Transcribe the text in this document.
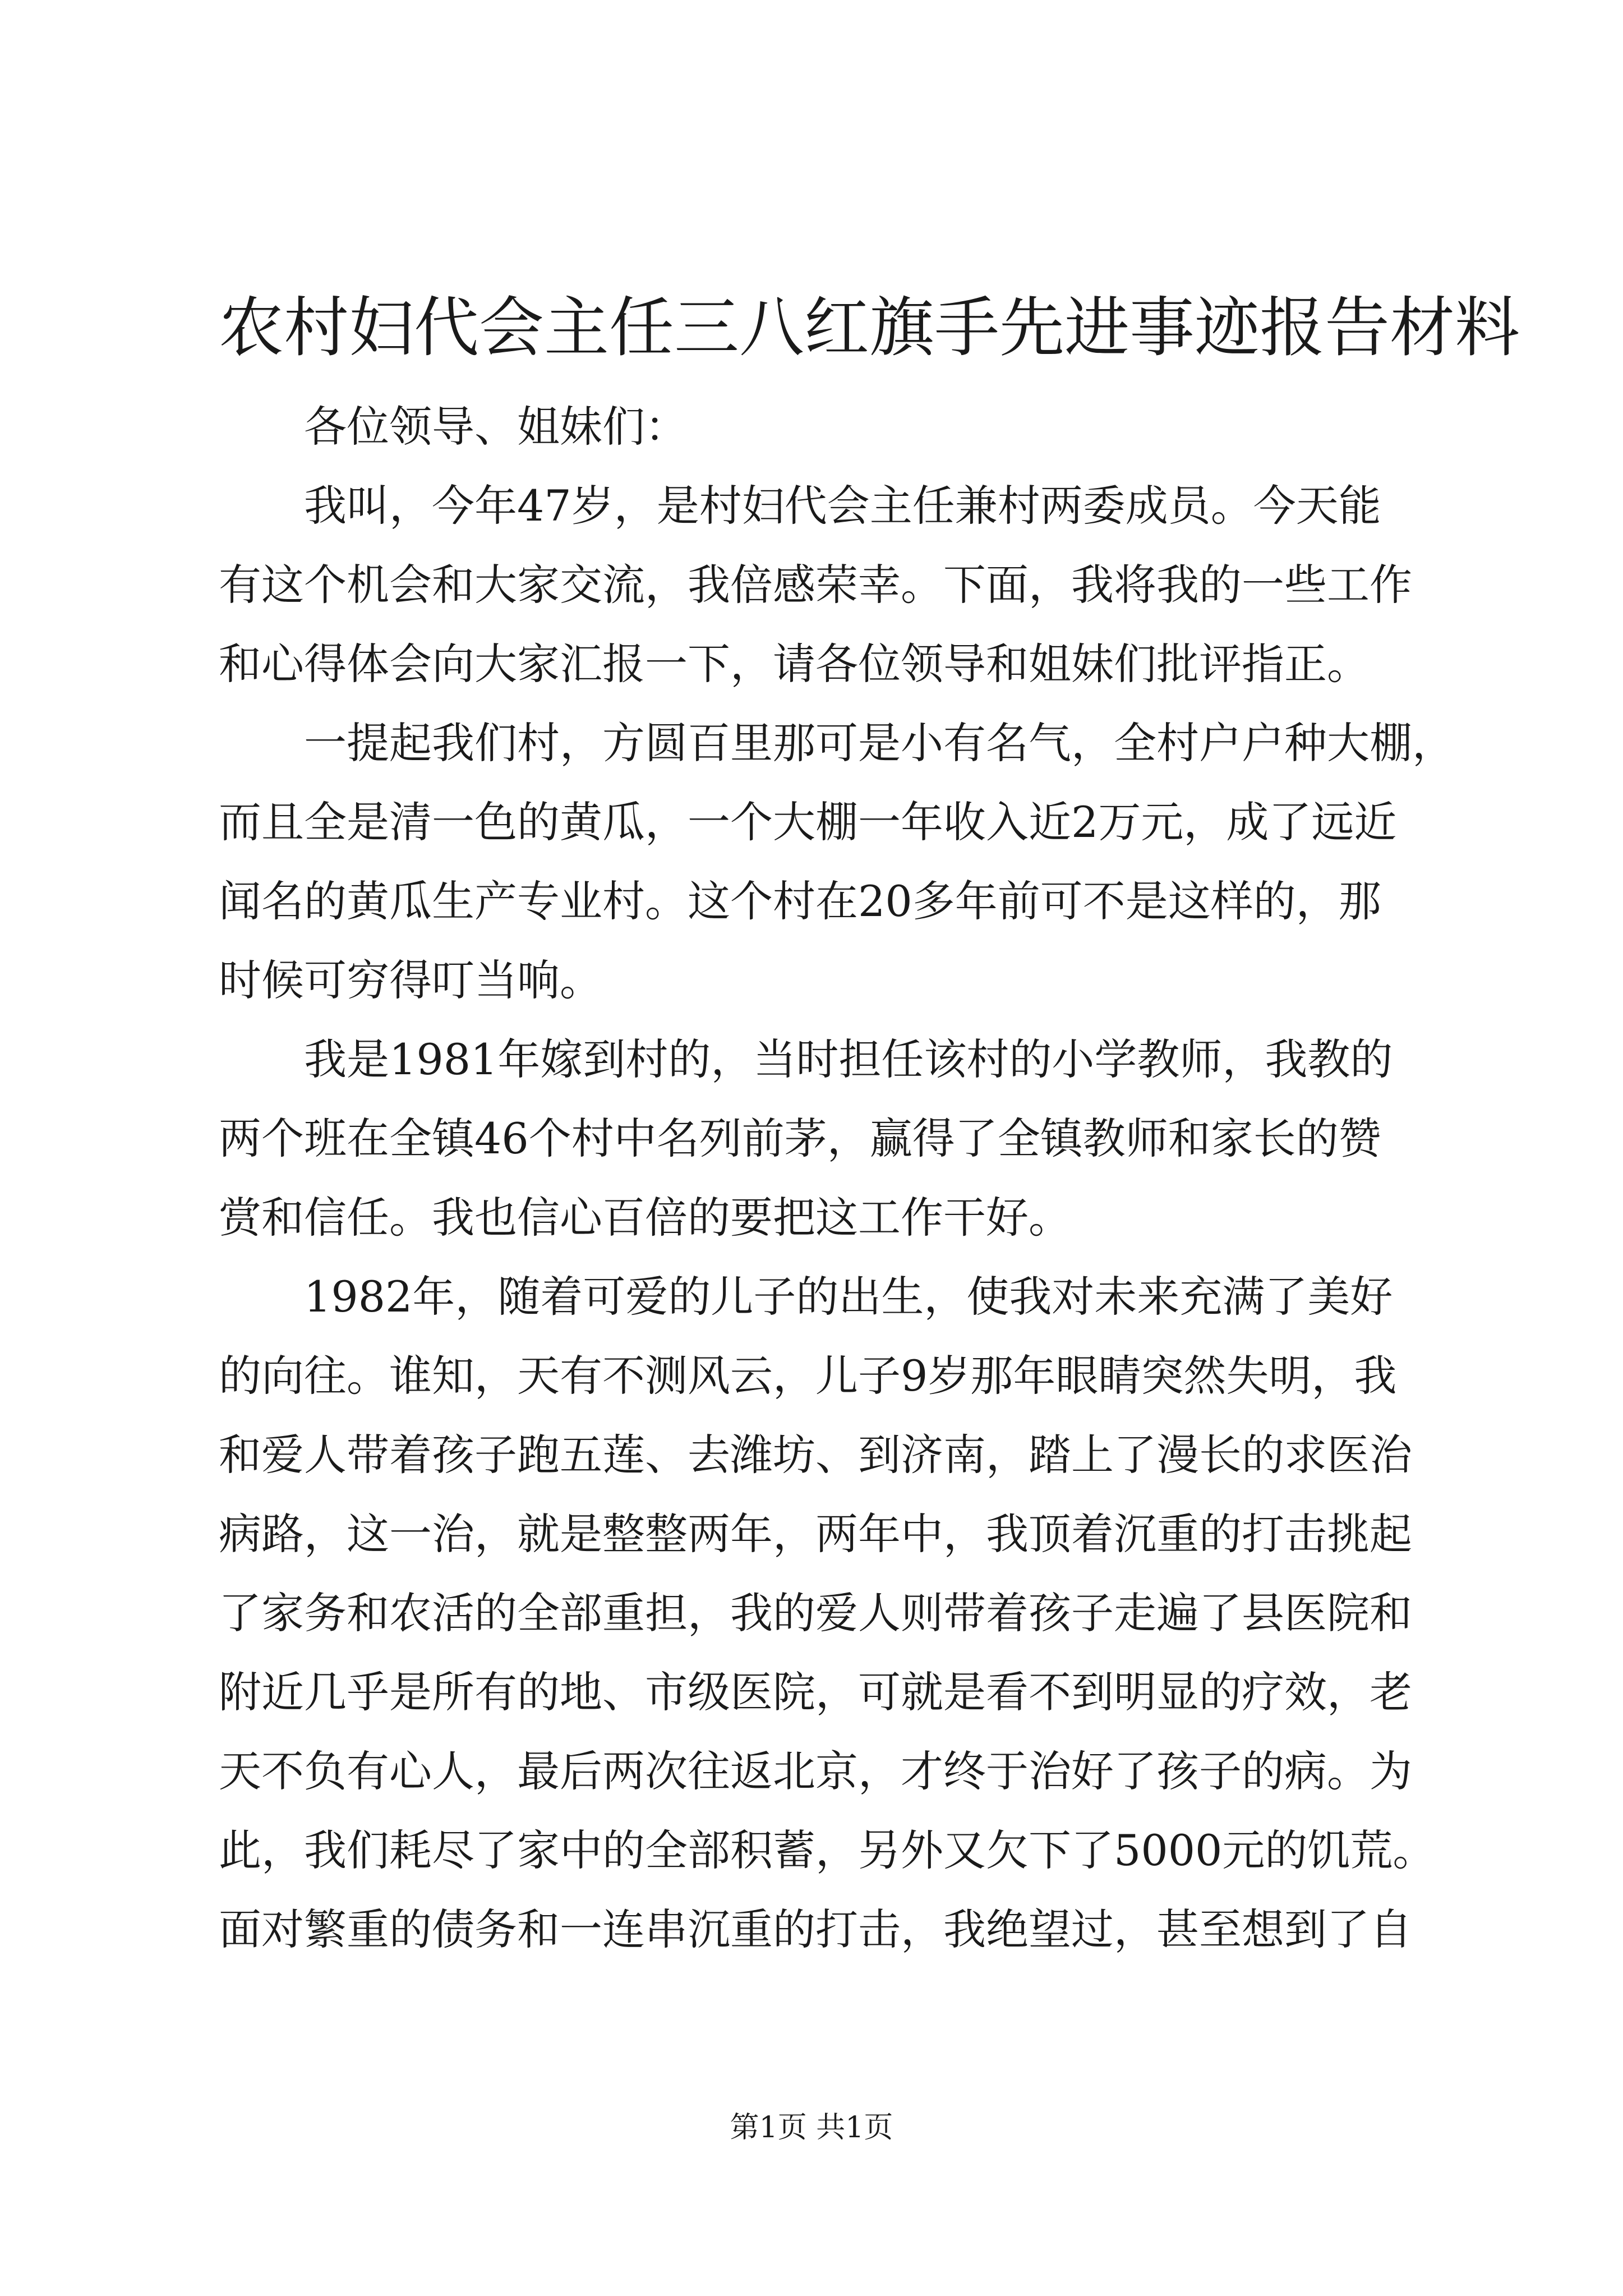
农村妇代会主任三八红旗手先进事迹报告材料
各位领导、姐妹们：
我叫，今年47岁，是村妇代会主任兼村两委成员。今天能
有这个机会和大家交流，我倍感荣幸。下面，我将我的一些工作
和心得体会向大家汇报一下，请各位领导和姐妹们批评指正。
一提起我们村，方圆百里那可是小有名气，全村户户种大棚，
而且全是清一色的黄瓜，一个大棚一年收入近2万元，成了远近
闻名的黄瓜生产专业村。这个村在20多年前可不是这样的，那
时候可穷得叮当响。
我是1981年嫁到村的，当时担任该村的小学教师，我教的
两个班在全镇46个村中名列前茅，赢得了全镇教师和家长的赞
赏和信任。我也信心百倍的要把这工作干好。
1982年，随着可爱的儿子的出生，使我对未来充满了美好
的向往。谁知，天有不测风云，儿子9岁那年眼睛突然失明，我
和爱人带着孩子跑五莲、去潍坊、到济南，踏上了漫长的求医治
病路，这一治，就是整整两年，两年中，我顶着沉重的打击挑起
了家务和农活的全部重担，我的爱人则带着孩子走遍了县医院和
附近几乎是所有的地、市级医院，可就是看不到明显的疗效，老
天不负有心人，最后两次往返北京，才终于治好了孩子的病。为
此，我们耗尽了家中的全部积蓄，另外又欠下了5000元的饥荒。
面对繁重的债务和一连串沉重的打击，我绝望过，甚至想到了自
第1页 共1页
